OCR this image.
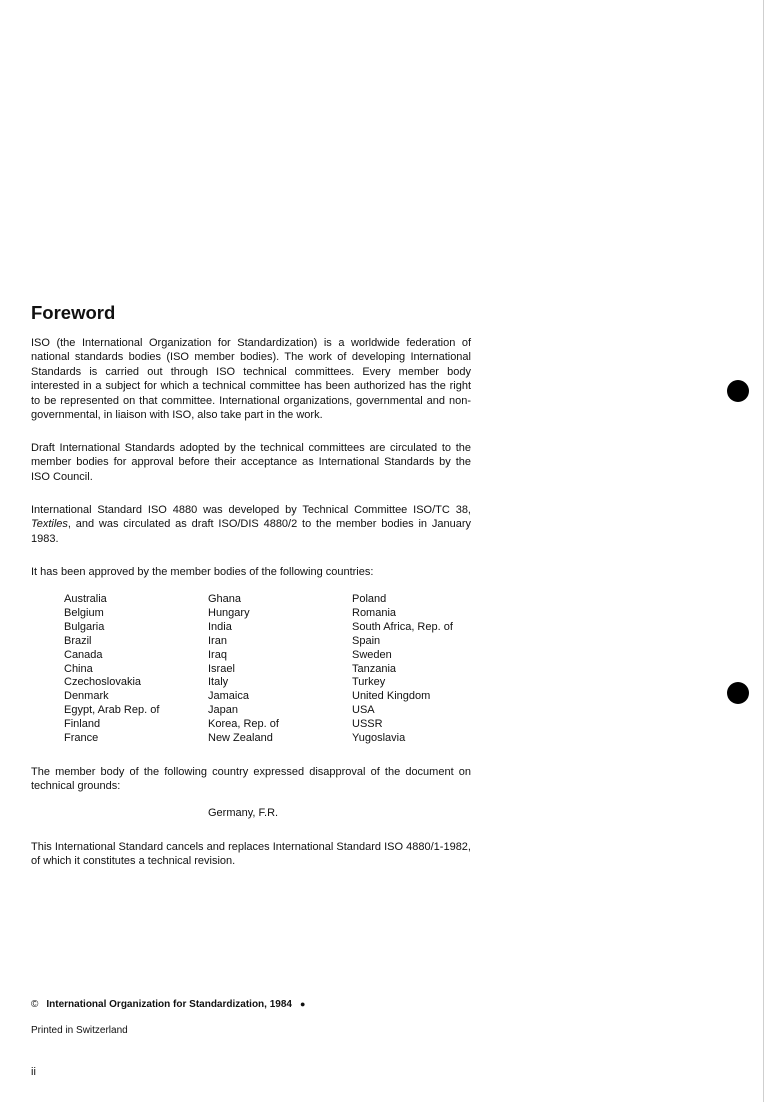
Foreword

ISO (the International Organization for Standardization) is a worldwide federation of national standards bodies (ISO member bodies). The work of developing International Standards is carried out through ISO technical committees. Every member body interested in a subject for which a technical committee has been authorized has the right to be represented on that committee. International organizations, governmental and non-governmental, in liaison with ISO, also take part in the work.

Draft International Standards adopted by the technical committees are circulated to the member bodies for approval before their acceptance as International Standards by the ISO Council.

International Standard ISO 4880 was developed by Technical Committee ISO/TC 38, Textiles, and was circulated as draft ISO/DIS 4880/2 to the member bodies in January 1983.

It has been approved by the member bodies of the following countries:

Australia
Belgium
Bulgaria
Brazil
Canada
China
Czechoslovakia
Denmark
Egypt, Arab Rep. of
Finland
France
Ghana
Hungary
India
Iran
Iraq
Israel
Italy
Jamaica
Japan
Korea, Rep. of
New Zealand
Poland
Romania
South Africa, Rep. of
Spain
Sweden
Tanzania
Turkey
United Kingdom
USA
USSR
Yugoslavia

The member body of the following country expressed disapproval of the document on technical grounds:

Germany, F.R.

This International Standard cancels and replaces International Standard ISO 4880/1-1982, of which it constitutes a technical revision.

© International Organization for Standardization, 1984 ●

Printed in Switzerland

ii
